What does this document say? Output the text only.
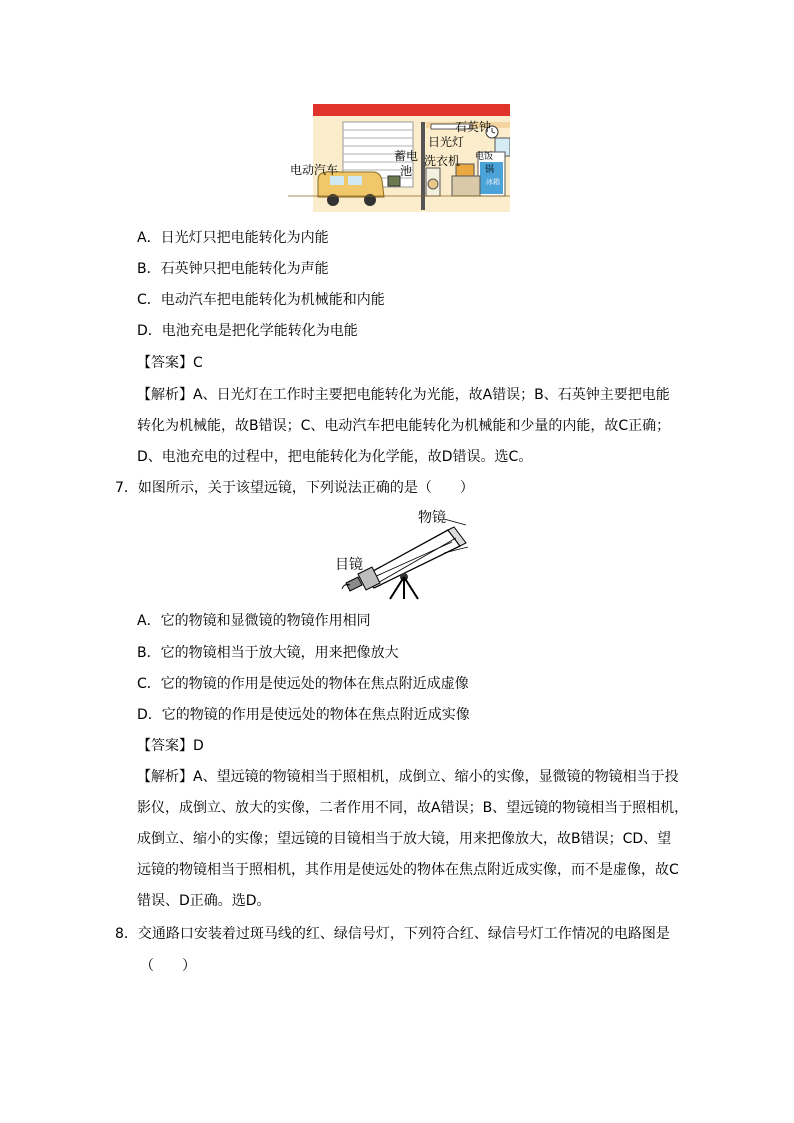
石英钟
日光灯
电动汽车
蓄电
池
洗衣机 电饭
锅
冰箱
A．日光灯只把电能转化为内能
B．石英钟只把电能转化为声能
C．电动汽车把电能转化为机械能和内能
D．电池充电是把化学能转化为电能
【答案】C
【解析】A、日光灯在工作时主要把电能转化为光能，故A错误；B、石英钟主要把电能
转化为机械能，故B错误；C、电动汽车把电能转化为机械能和少量的内能，故C正确；
D、电池充电的过程中，把电能转化为化学能，故D错误。选C。
7．如图所示，关于该望远镜，下列说法正确的是（　　）
物镜
目镜
A．它的物镜和显微镜的物镜作用相同
B．它的物镜相当于放大镜，用来把像放大
C．它的物镜的作用是使远处的物体在焦点附近成虚像
D．它的物镜的作用是使远处的物体在焦点附近成实像
【答案】D
【解析】A、望远镜的物镜相当于照相机，成倒立、缩小的实像，显微镜的物镜相当于投
影仪，成倒立、放大的实像，二者作用不同，故A错误；B、望远镜的物镜相当于照相机，
成倒立、缩小的实像；望远镜的目镜相当于放大镜，用来把像放大，故B错误；CD、望
远镜的物镜相当于照相机，其作用是使远处的物体在焦点附近成实像，而不是虚像，故C
错误、D正确。选D。
8．交通路口安装着过斑马线的红、绿信号灯，下列符合红、绿信号灯工作情况的电路图是
（　　）
